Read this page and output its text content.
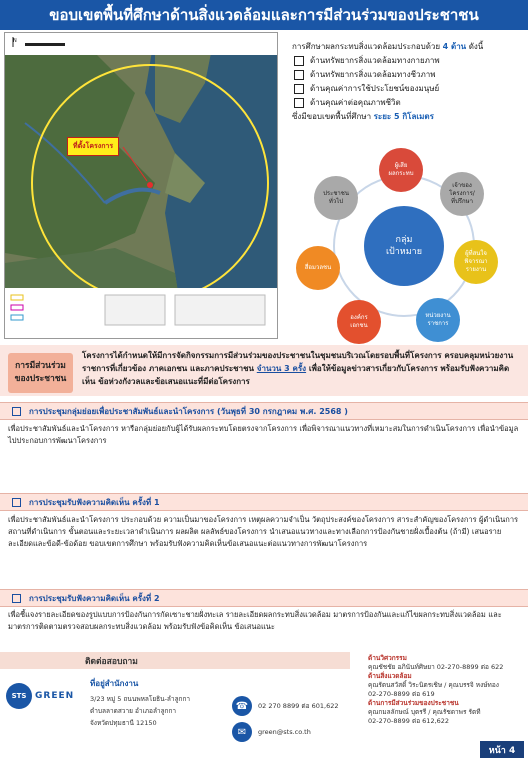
ขอบเขตพื้นที่ศึกษาด้านสิ่งแวดล้อมและการมีส่วนร่วมของประชาชน
N
ที่ตั้งโครงการ
การศึกษาผลกระทบสิ่งแวดล้อมประกอบด้วย 4 ด้าน ดังนี้
ด้านทรัพยากรสิ่งแวดล้อมทางกายภาพ
ด้านทรัพยากรสิ่งแวดล้อมทางชีวภาพ
ด้านคุณค่าการใช้ประโยชน์ของมนุษย์
ด้านคุณค่าต่อคุณภาพชีวิต
ซึ่งมีขอบเขตพื้นที่ศึกษา ระยะ 5 กิโลเมตร
กลุ่ม
เป้าหมาย
ผู้เสีย
ผลกระทบ
เจ้าของ
โครงการ/
ที่ปรึกษา
ผู้ที่สนใจ
พิจารณา
รายงาน
หน่วยงาน
ราชการ
องค์กร
เอกชน
สื่อมวลชน
ประชาชน
ทั่วไป
การมีส่วนร่วม
ของประชาชน
โครงการได้กำหนดให้มีการจัดกิจกรรมการมีส่วนร่วมของประชาชนในชุมชนบริเวณโดยรอบพื้นที่โครงการ ครอบคลุมหน่วยงานราชการที่เกี่ยวข้อง ภาคเอกชน และภาคประชาชน จำนวน 3 ครั้ง เพื่อให้ข้อมูลข่าวสารเกี่ยวกับโครงการ พร้อมรับฟังความคิดเห็น ข้อห่วงกังวลและข้อเสนอแนะที่มีต่อโครงการ
การประชุมกลุ่มย่อยเพื่อประชาสัมพันธ์และนำโครงการ (วันพุธที่ 30 กรกฎาคม พ.ศ. 2568 )
เพื่อประชาสัมพันธ์และนำโครงการ หารือกลุ่มย่อยกับผู้ได้รับผลกระทบโดยตรงจากโครงการ เพื่อพิจารณาแนวทางที่เหมาะสมในการดำเนินโครงการ เพื่อนำข้อมูลไปประกอบการพัฒนาโครงการ
การประชุมรับฟังความคิดเห็น ครั้งที่ 1
เพื่อประชาสัมพันธ์และนำโครงการ ประกอบด้วย ความเป็นมาของโครงการ เหตุผลความจำเป็น วัตถุประสงค์ของโครงการ สาระสำคัญของโครงการ ผู้ดำเนินการ สถานที่ดำเนินการ ขั้นตอนและระยะเวลาดำเนินการ ผลผลิต ผลลัพธ์ของโครงการ นำเสนอแนวทางและทางเลือกการป้องกันชายฝั่งเบื้องต้น (ถ้ามี) เสนอรายละเอียดและข้อดี-ข้อด้อย ขอบเขตการศึกษา พร้อมรับฟังความคิดเห็นข้อเสนอแนะต่อแนวทางการพัฒนาโครงการ
การประชุมรับฟังความคิดเห็น ครั้งที่ 2
เพื่อชี้แจงรายละเอียดของรูปแบบการป้องกันการกัดเซาะชายฝั่งทะเล รายละเอียดผลกระทบสิ่งแวดล้อม มาตรการป้องกันและแก้ไขผลกระทบสิ่งแวดล้อม และมาตรการติดตามตรวจสอบผลกระทบสิ่งแวดล้อม พร้อมรับฟังข้อคิดเห็น ข้อเสนอแนะ
ติดต่อสอบถาม
STS GREEN
ที่อยู่สำนักงาน
3/23 หมู่ 5 ถนนพหลโยธิน-ลำลูกกา
ตำบลลาดสวาย อำเภอลำลูกกา
จังหวัดปทุมธานี 12150
☎	02 270 8899 ต่อ 601,622
✉	green@sts.co.th
ด้านวิศวกรรม
คุณชัชชัย อภินันท์ศิษยา 02-270-8899 ต่อ 622
ด้านสิ่งแวดล้อม
คุณรัตนสวัสดิ์ วิระนิตรเชิษ / คุณบรรจิ หงษ์ทอง
02-270-8899 ต่อ 619
ด้านการมีส่วนร่วมของประชาชน
คุณกมลลักษณ์ บุตรรี / คุณรัชดาพร รัตที
02-270-8899 ต่อ 612,622
หน้า 4
